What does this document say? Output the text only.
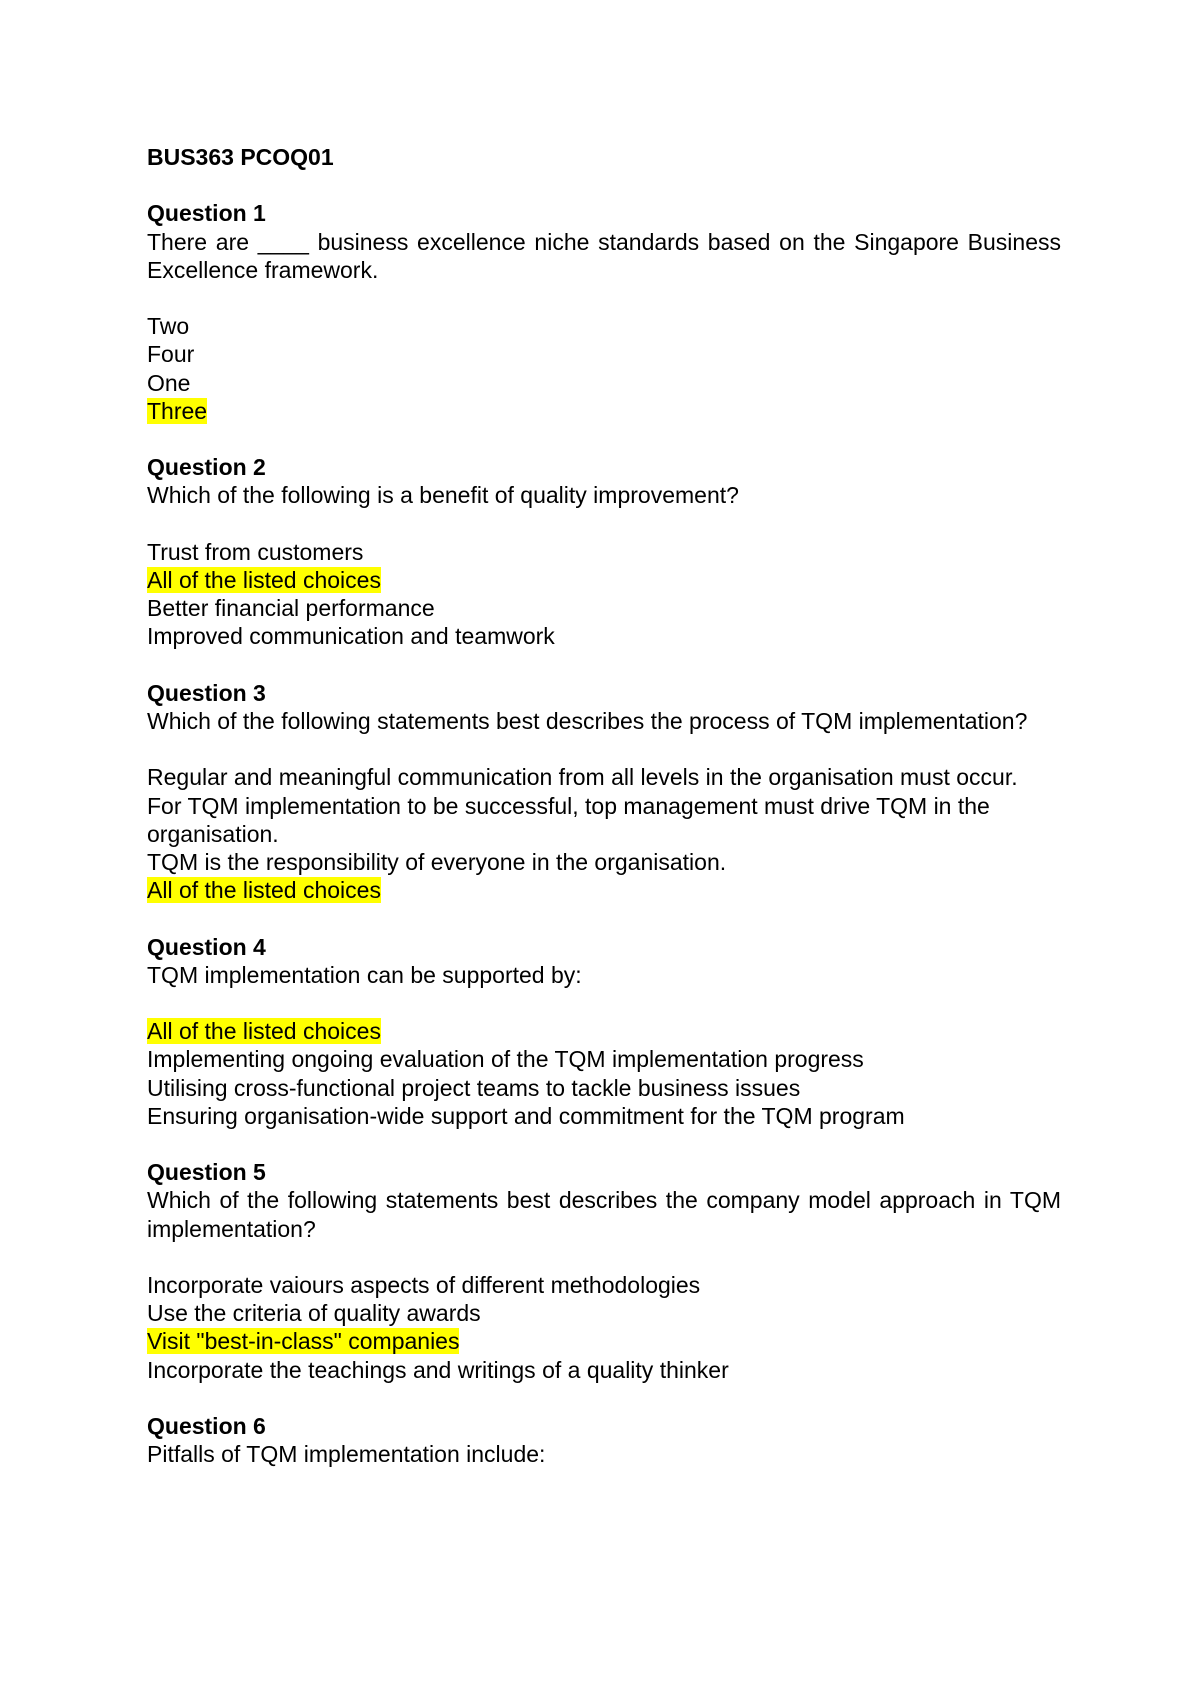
BUS363 PCOQ01
Question 1
There are ____ business excellence niche standards based on the Singapore Business Excellence framework.
Two
Four
One
Three
Question 2
Which of the following is a benefit of quality improvement?
Trust from customers
All of the listed choices
Better financial performance
Improved communication and teamwork
Question 3
Which of the following statements best describes the process of TQM implementation?
Regular and meaningful communication from all levels in the organisation must occur.
For TQM implementation to be successful, top management must drive TQM in the organisation.
TQM is the responsibility of everyone in the organisation.
All of the listed choices
Question 4
TQM implementation can be supported by:
All of the listed choices
Implementing ongoing evaluation of the TQM implementation progress
Utilising cross-functional project teams to tackle business issues
Ensuring organisation-wide support and commitment for the TQM program
Question 5
Which of the following statements best describes the company model approach in TQM implementation?
Incorporate vaiours aspects of different methodologies
Use the criteria of quality awards
Visit "best-in-class" companies
Incorporate the teachings and writings of a quality thinker
Question 6
Pitfalls of TQM implementation include:
